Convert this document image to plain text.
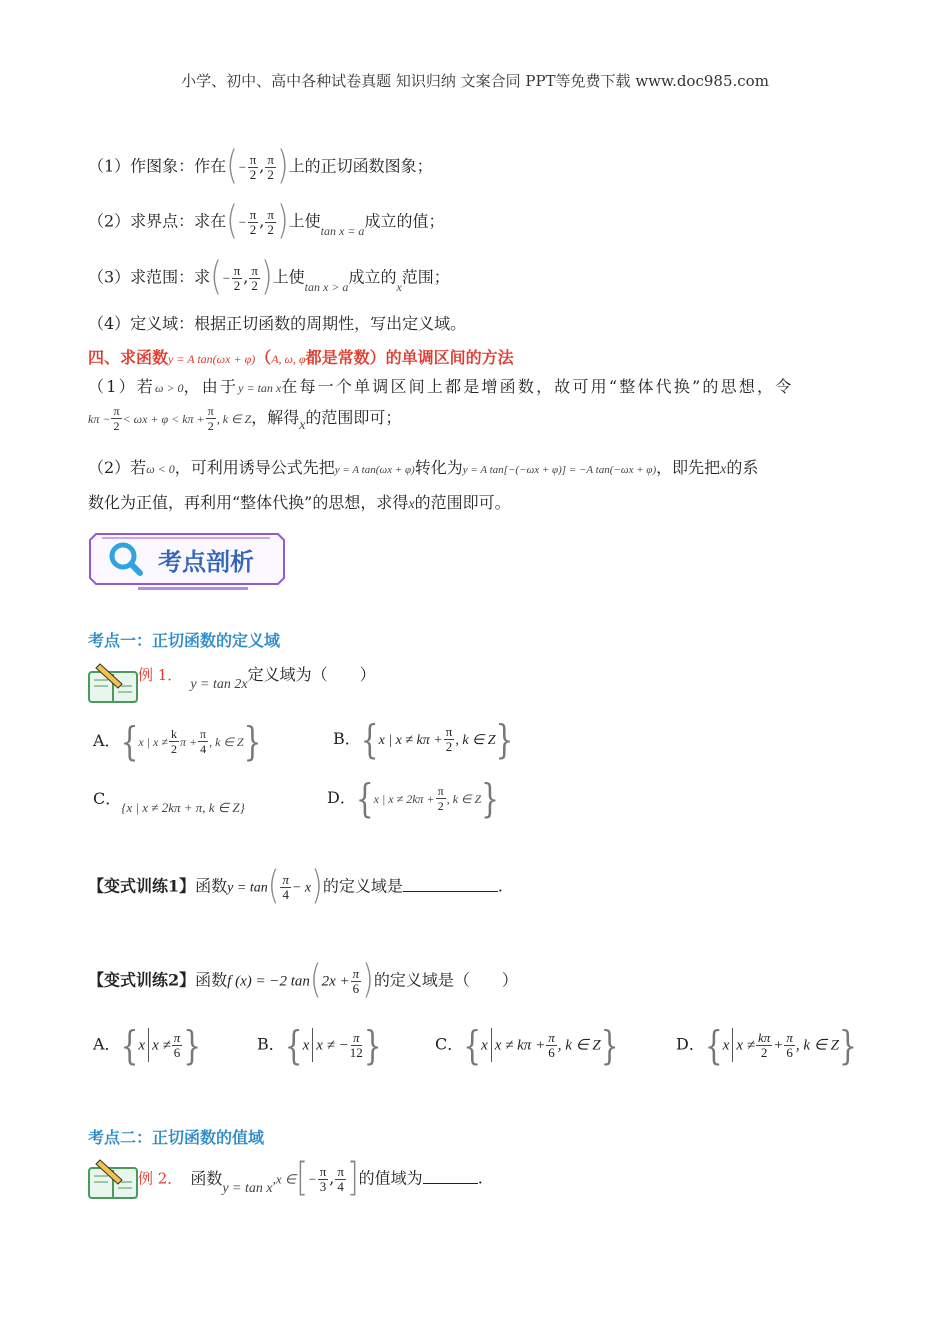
小学、初中、高中各种试卷真题 知识归纳 文案合同 PPT等免费下载 www.doc985.com
（1）作图象：作在(− $\frac{\pi}{2}$ , $\frac{\pi}{2}$ )上的正切函数图象；
（2）求界点：求在(− $\frac{\pi}{2}$ , $\frac{\pi}{2}$ )上使$_{tan x = a}$成立的值；
（3）求范围：求(− $\frac{\pi}{2}$ , $\frac{\pi}{2}$ )上使$_{tan x > a}$成立的$_x$范围；
（4）定义域：根据正切函数的周期性，写出定义域。
四、求函数y = A tan(ωx + φ)（A, ω, φ都是常数）的单调区间的方法
（1）若ω > 0，由于y = tan x在每一个单调区间上都是增函数，故可用“整体代换”的思想，令
$k\pi - \frac{\pi}{2} < \omega x + \varphi < k\pi + \frac{\pi}{2}$ , k ∈ Z，解得x的范围即可；
（2）若ω < 0，可利用诱导公式先把y = A tan(ωx + φ)转化为y = A tan[−(−ωx + φ)] = −A tan(−ωx + φ)，即先把x的系
数化为正值，再利用“整体代换”的思想，求得x的范围即可。
考点剖析
考点一：正切函数的定义域
例 1．y = tan 2x定义域为（　　）
A．{x | $x \ne \frac{k}{2}$ $\pi + \frac{\pi}{4}$ , k ∈ Z}	B．{x | $x \ne k\pi + \frac{\pi}{2}$ , k ∈ Z}
C．$_{\{x | x \ne 2k\pi + \pi, k \in Z\}}$
D．{x | $x \ne 2k\pi + \frac{\pi}{2}$ , k ∈ Z}
【变式训练1】函数$y = \tan( \frac{\pi}{4} - x)$的定义域是	.
【变式训练2】函数f (x) = −2 $\tan(2x + \frac{\pi}{6}$ )的定义域是（　　）
A．{x $x \ne \frac{\pi}{6}$ }	B．{x x ≠ − $\frac{\pi}{12}$ }	C．{x $x \ne k\pi + \frac{\pi}{6}$ , k ∈ Z}	D．{x $x \ne \frac{k\pi}{2} + \frac{\pi}{6}$ , k ∈ Z}
考点二：正切函数的值域
例 2． 函数y = tan x,x ∈[− $\frac{\pi}{3}$ , $\frac{\pi}{4}$ ]的值域为	.
